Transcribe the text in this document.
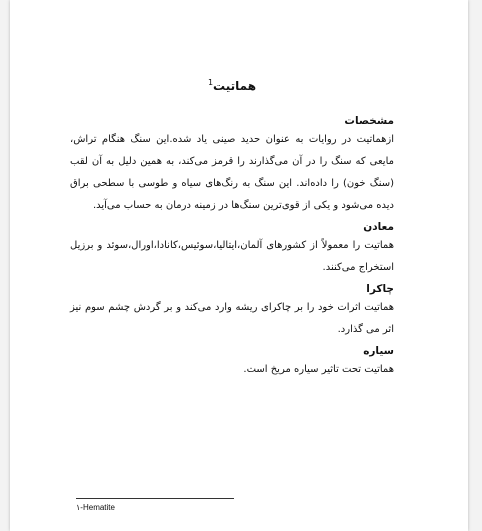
هماتیت$^1$
مشخصات

ازهماتیت در روایات به عنوان حدید صینی یاد شده.این سنگ هنگام تراش، مایعی که سنگ را در آن می‌گذارند را قرمز می‌کند، به همین دلیل به آن لقب (سنگ خون) را داده‌اند. این سنگ به رنگ‌های سیاه و طوسی با سطحی براق دیده می‌شود و یکی از قوی‌ترین سنگ‌ها در زمینه درمان به حساب می‌آید.

معادن

هماتیت را معمولاً از کشورهای آلمان،ایتالیا،سوئیس،کانادا،اورال،سوئد و برزیل استخراج می‌کنند.

چاکرا

هماتیت اثرات خود را بر چاکرای ریشه وارد می‌کند و بر گردش چشم سوم نیز اثر می گذارد.

سیاره

هماتیت تحت تاثیر سیاره مریخ است.

۱-Hematite
